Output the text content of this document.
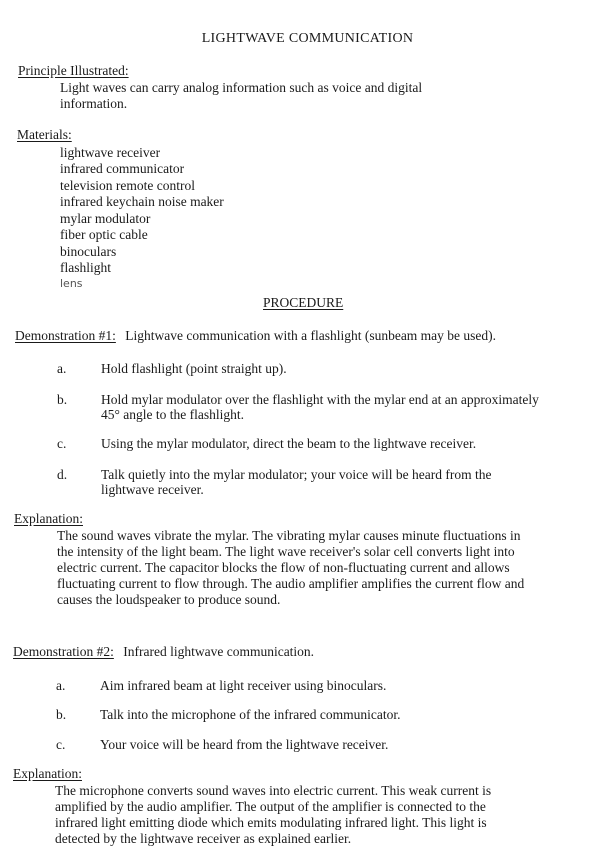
LIGHTWAVE COMMUNICATION
Principle Illustrated:
Light waves can carry analog information such as voice and digital
information.
Materials:
lightwave receiver
infrared communicator
television remote control
infrared keychain noise maker
mylar modulator
fiber optic cable
binoculars
flashlight
lens
PROCEDURE
Demonstration #1: Lightwave communication with a flashlight (sunbeam may be used).
a.	Hold flashlight (point straight up).
b.	Hold mylar modulator over the flashlight with the mylar end at an approximately
45° angle to the flashlight.
c.	Using the mylar modulator, direct the beam to the lightwave receiver.
d.	Talk quietly into the mylar modulator; your voice will be heard from the
lightwave receiver.
Explanation:
The sound waves vibrate the mylar. The vibrating mylar causes minute fluctuations in
the intensity of the light beam. The light wave receiver's solar cell converts light into
electric current. The capacitor blocks the flow of non-fluctuating current and allows
fluctuating current to flow through. The audio amplifier amplifies the current flow and
causes the loudspeaker to produce sound.
Demonstration #2: Infrared lightwave communication.
a.	Aim infrared beam at light receiver using binoculars.
b.	Talk into the microphone of the infrared communicator.
c.	Your voice will be heard from the lightwave receiver.
Explanation:
The microphone converts sound waves into electric current. This weak current is
amplified by the audio amplifier. The output of the amplifier is connected to the
infrared light emitting diode which emits modulating infrared light. This light is
detected by the lightwave receiver as explained earlier.
